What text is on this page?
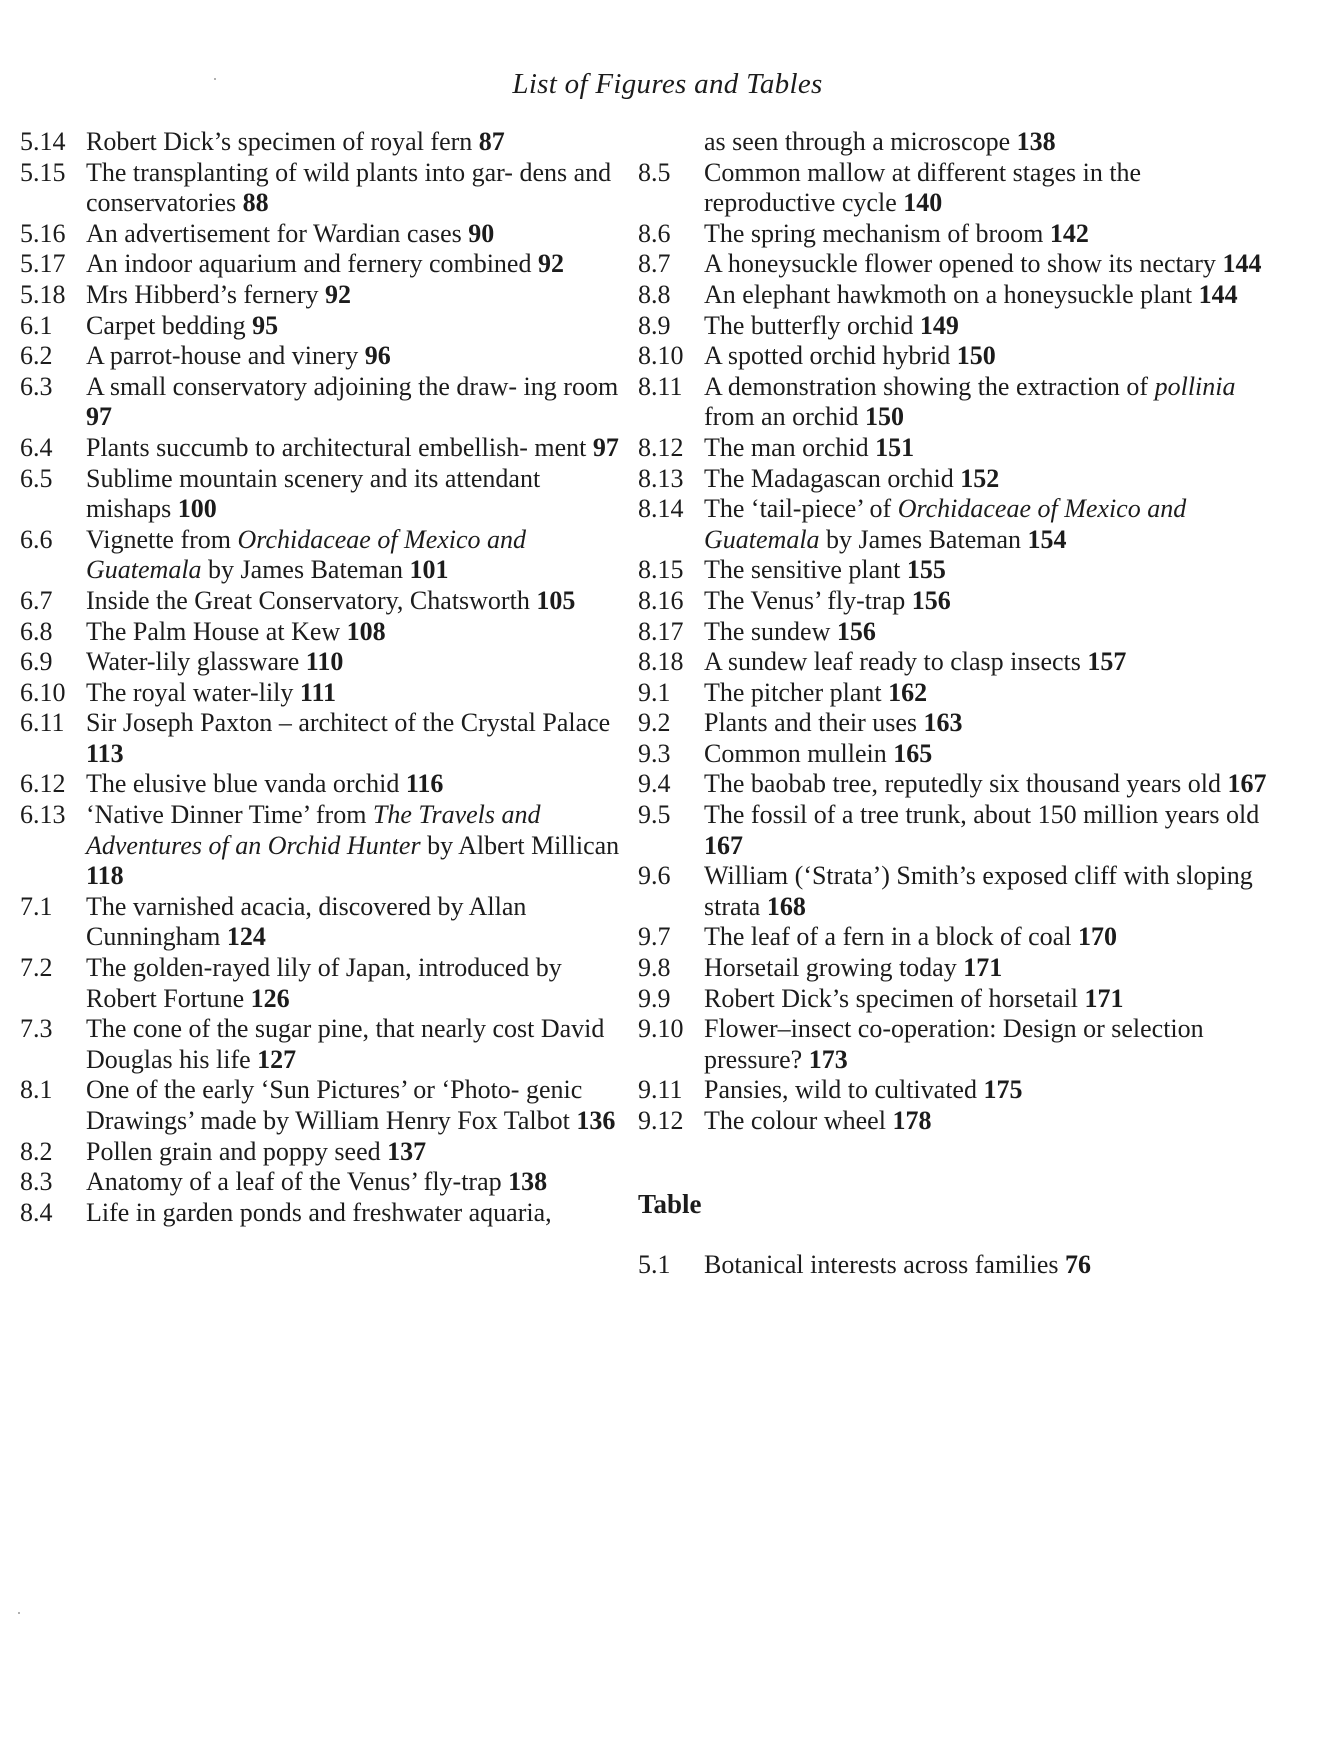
List of Figures and Tables
5.14 Robert Dick’s specimen of royal fern 87
5.15 The transplanting of wild plants into gar- dens and conservatories 88
5.16 An advertisement for Wardian cases 90
5.17 An indoor aquarium and fernery combined 92
5.18 Mrs Hibberd’s fernery 92
6.1	Carpet bedding 95
6.2	A parrot-house and vinery 96
6.3	A small conservatory adjoining the draw- ing room 97
6.4	Plants succumb to architectural embellish- ment 97
6.5	Sublime mountain scenery and its attendant mishaps 100
6.6	Vignette from Orchidaceae of Mexico and Guatemala by James Bateman 101
6.7	Inside the Great Conservatory, Chatsworth 105
6.8	The Palm House at Kew 108
6.9	Water-lily glassware 110
6.10 The royal water-lily 111
6.11 Sir Joseph Paxton – architect of the Crystal Palace 113
6.12 The elusive blue vanda orchid 116
6.13 ‘Native Dinner Time’ from The Travels and Adventures of an Orchid Hunter by Albert Millican 118
7.1	The varnished acacia, discovered by Allan Cunningham 124
7.2	The golden-rayed lily of Japan, introduced by Robert Fortune 126
7.3	The cone of the sugar pine, that nearly cost David Douglas his life 127
8.1	One of the early ‘Sun Pictures’ or ‘Photo- genic Drawings’ made by William Henry Fox Talbot 136
8.2	Pollen grain and poppy seed 137
8.3	Anatomy of a leaf of the Venus’ fly-trap 138
8.4	Life in garden ponds and freshwater aquaria,
as seen through a microscope 138
8.5	Common mallow at different stages in the reproductive cycle 140
8.6	The spring mechanism of broom 142
8.7	A honeysuckle flower opened to show its nectary 144
8.8	An elephant hawkmoth on a honeysuckle plant 144
8.9	The butterfly orchid 149
8.10 A spotted orchid hybrid 150
8.11 A demonstration showing the extraction of pollinia from an orchid 150
8.12 The man orchid 151
8.13 The Madagascan orchid 152
8.14 The ‘tail-piece’ of Orchidaceae of Mexico and Guatemala by James Bateman 154
8.15 The sensitive plant 155
8.16 The Venus’ fly-trap 156
8.17 The sundew 156
8.18 A sundew leaf ready to clasp insects 157
9.1	The pitcher plant 162
9.2	Plants and their uses 163
9.3	Common mullein 165
9.4	The baobab tree, reputedly six thousand years old 167
9.5	The fossil of a tree trunk, about 150 million years old 167
9.6	William (‘Strata’) Smith’s exposed cliff with sloping strata 168
9.7	The leaf of a fern in a block of coal 170
9.8	Horsetail growing today 171
9.9	Robert Dick’s specimen of horsetail 171
9.10 Flower–insect co-operation: Design or selection pressure? 173
9.11 Pansies, wild to cultivated 175
9.12 The colour wheel 178
Table
5.1	Botanical interests across families 76
